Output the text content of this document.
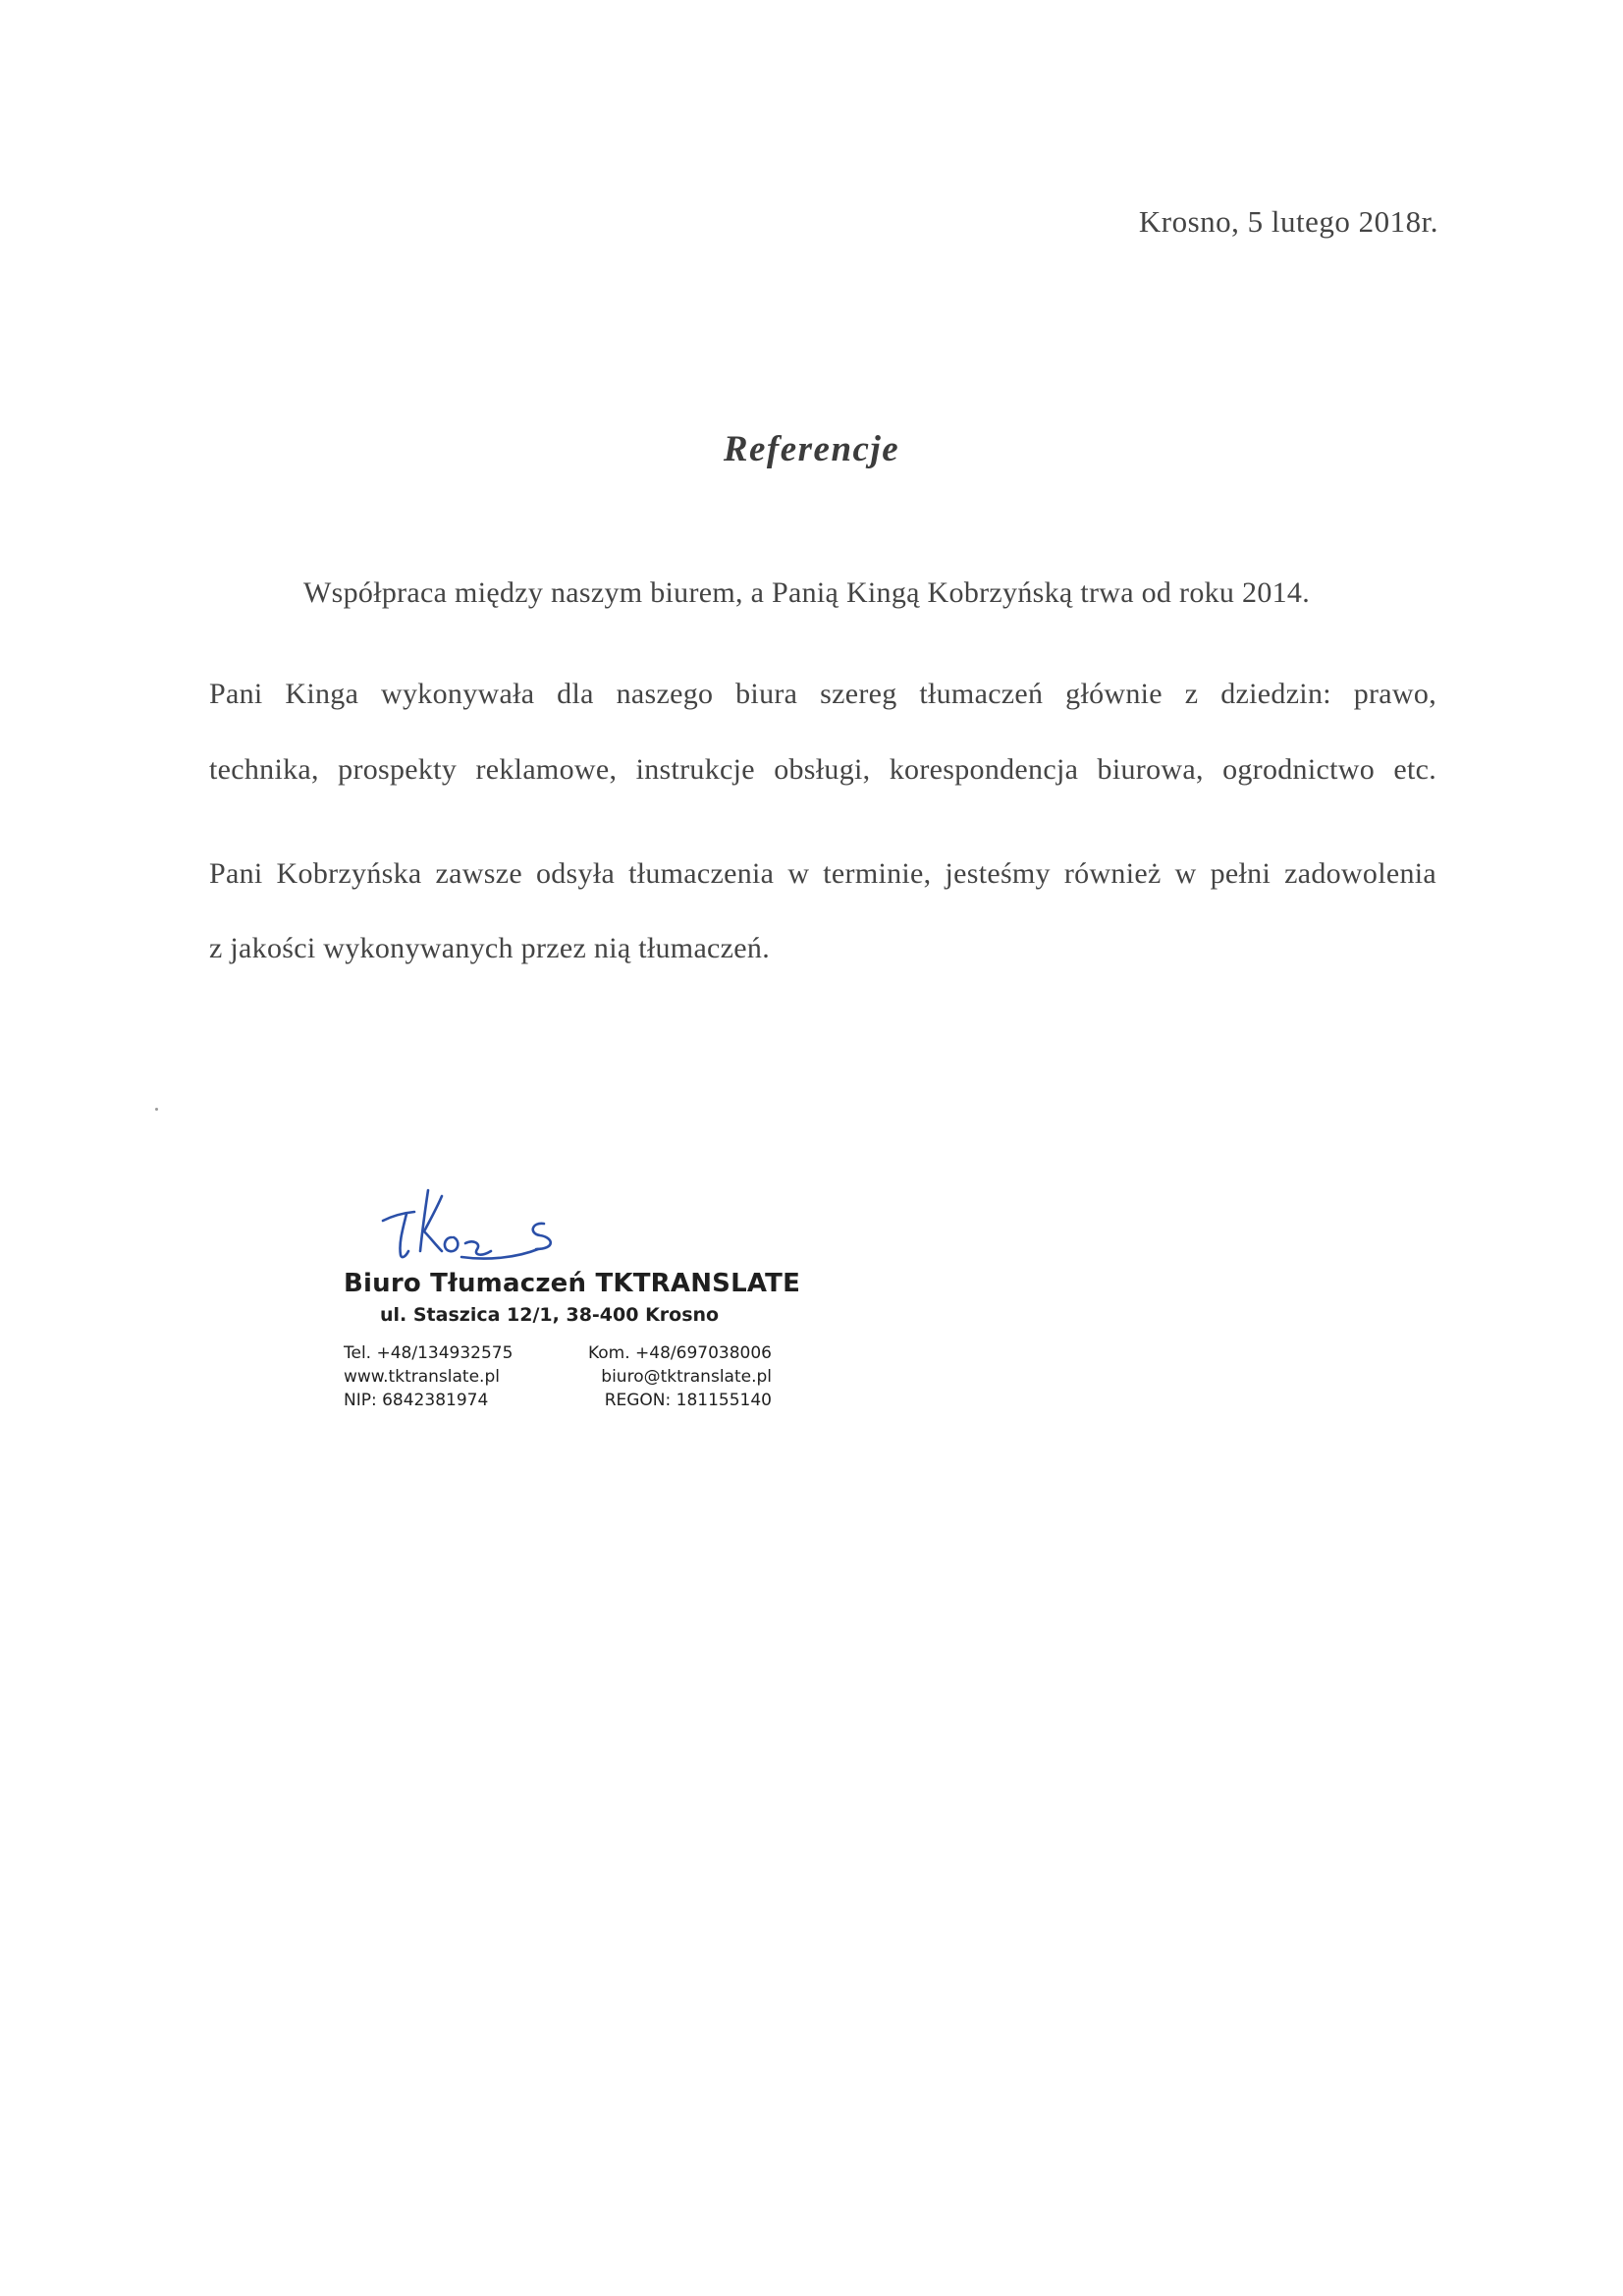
Krosno, 5 lutego 2018r.
Referencje
Współpraca między naszym biurem, a Panią Kingą Kobrzyńską trwa od roku 2014.
Pani Kinga wykonywała dla naszego biura szereg tłumaczeń głównie z dziedzin: prawo,
technika, prospekty reklamowe, instrukcje obsługi, korespondencja biurowa, ogrodnictwo etc.
Pani Kobrzyńska zawsze odsyła tłumaczenia w terminie, jesteśmy również w pełni zadowolenia
z jakości wykonywanych przez nią tłumaczeń.
Biuro Tłumaczeń TKTRANSLATE
ul. Staszica 12/1, 38-400 Krosno
Tel. +48/134932575	Kom. +48/697038006
www.tktranslate.pl	biuro@tktranslate.pl
NIP: 6842381974	REGON: 181155140
